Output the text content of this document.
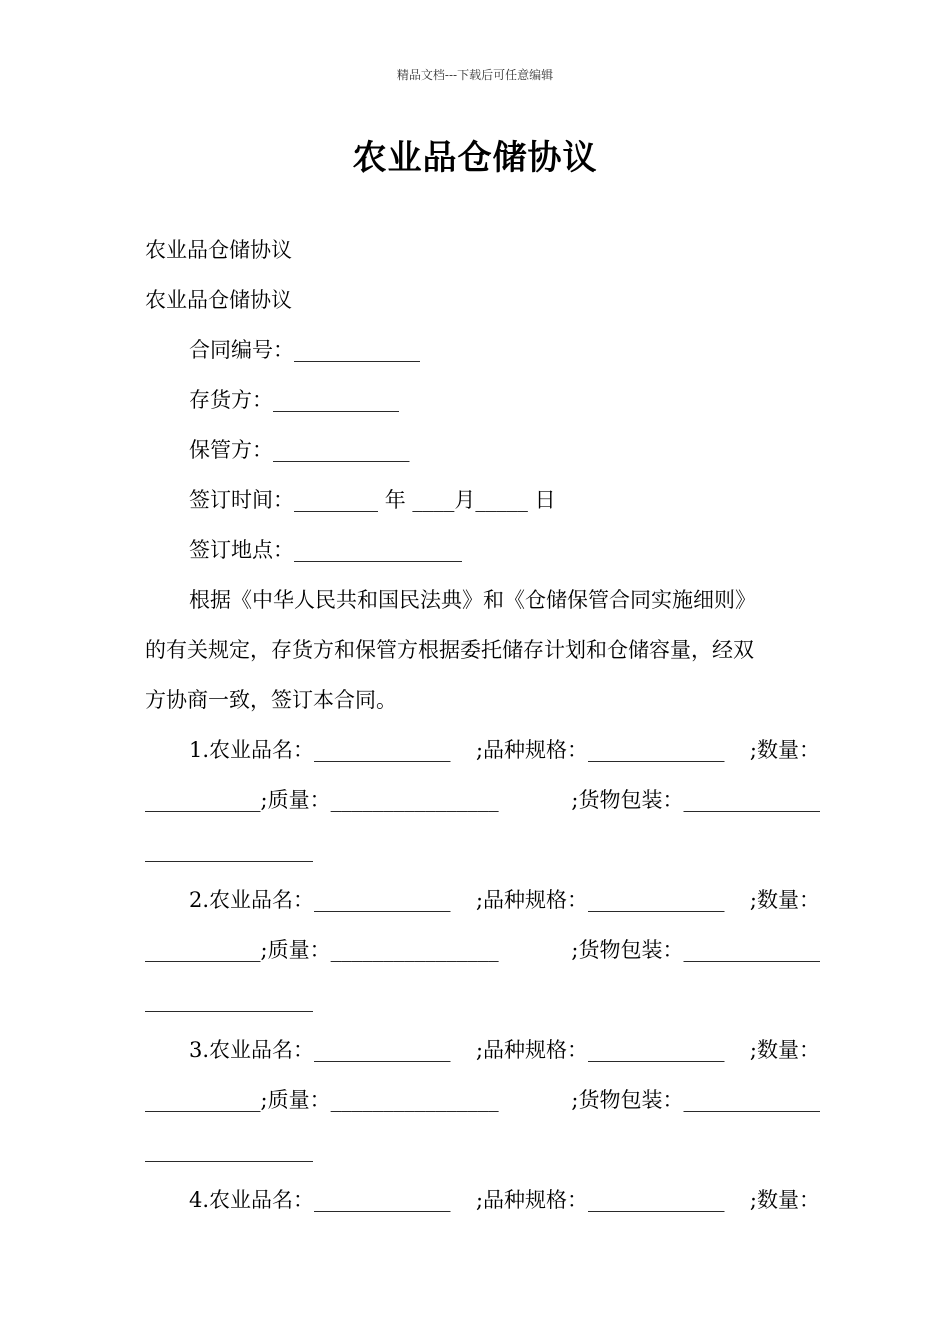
精品文档---下载后可任意编辑
农业品仓储协议
农业品仓储协议
农业品仓储协议
合同编号：____________
存货方：____________
保管方：_____________
签订时间：________ 年 ____月_____ 日
签订地点：________________
根据《中华人民共和国民法典》和《仓储保管合同实施细则》
的有关规定，存货方和保管方根据委托储存计划和仓储容量，经双
方协商一致，签订本合同。
1.农业品名：_____________ ;品种规格：_____________ ;数量：
___________;质量：________________	;货物包装：_____________
________________
2.农业品名：_____________ ;品种规格：_____________ ;数量：
___________;质量：________________	;货物包装：_____________
________________
3.农业品名：_____________ ;品种规格：_____________ ;数量：
___________;质量：________________	;货物包装：_____________
________________
4.农业品名：_____________ ;品种规格：_____________ ;数量：
